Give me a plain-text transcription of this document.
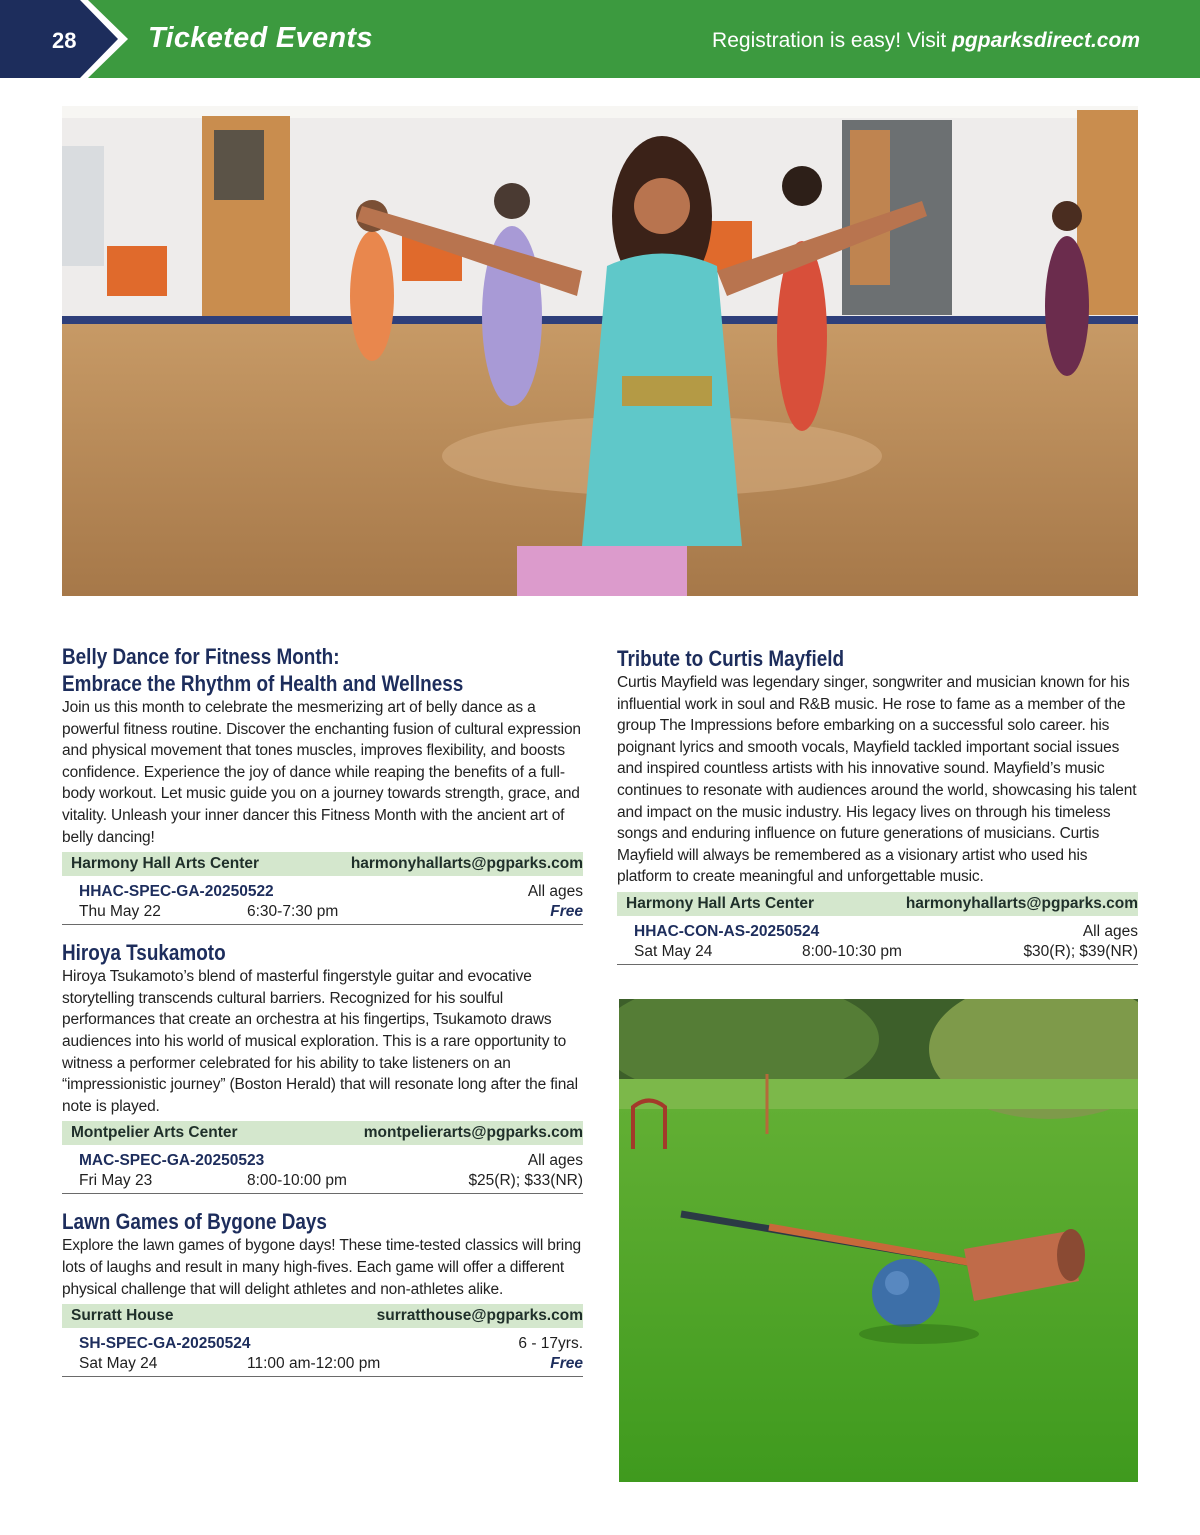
28 Ticketed Events	Registration is easy! Visit pgparksdirect.com
Belly Dance for Fitness Month:
Embrace the Rhythm of Health and Wellness

Join us this month to celebrate the mesmerizing art of belly dance as a powerful fitness routine. Discover the enchanting fusion of cultural expression and physical movement that tones muscles, improves flexibility, and boosts confidence. Experience the joy of dance while reaping the benefits of a full-body workout. Let music guide you on a journey towards strength, grace, and vitality. Unleash your inner dancer this Fitness Month with the ancient art of belly dancing!

Harmony Hall Arts Center	harmonyhallarts@pgparks.com
HHAC-SPEC-GA-20250522	All ages
Thu May 22	6:30-7:30 pm	Free
Hiroya Tsukamoto

Hiroya Tsukamoto’s blend of masterful fingerstyle guitar and evocative storytelling transcends cultural barriers. Recognized for his soulful performances that create an orchestra at his fingertips, Tsukamoto draws audiences into his world of musical exploration. This is a rare opportunity to witness a performer celebrated for his ability to take listeners on an “impressionistic journey” (Boston Herald) that will resonate long after the final note is played.

Montpelier Arts Center	montpelierarts@pgparks.com
MAC-SPEC-GA-20250523	All ages
Fri May 23	8:00-10:00 pm	$25(R); $33(NR)
Lawn Games of Bygone Days

Explore the lawn games of bygone days! These time-tested classics will bring lots of laughs and result in many high-fives. Each game will offer a different physical challenge that will delight athletes and non-athletes alike.

Surratt House	surratthouse@pgparks.com
SH-SPEC-GA-20250524	6 - 17yrs.
Sat May 24	11:00 am-12:00 pm	Free
Tribute to Curtis Mayfield

Curtis Mayfield was legendary singer, songwriter and musician known for his influential work in soul and R&B music. He rose to fame as a member of the group The Impressions before embarking on a successful solo career. his poignant lyrics and smooth vocals, Mayfield tackled important social issues and inspired countless artists with his innovative sound. Mayfield’s music continues to resonate with audiences around the world, showcasing his talent and impact on the music industry. His legacy lives on through his timeless songs and enduring influence on future generations of musicians. Curtis Mayfield will always be remembered as a visionary artist who used his platform to create meaningful and unforgettable music.

Harmony Hall Arts Center	harmonyhallarts@pgparks.com
HHAC-CON-AS-20250524	All ages
Sat May 24	8:00-10:30 pm	$30(R); $39(NR)
